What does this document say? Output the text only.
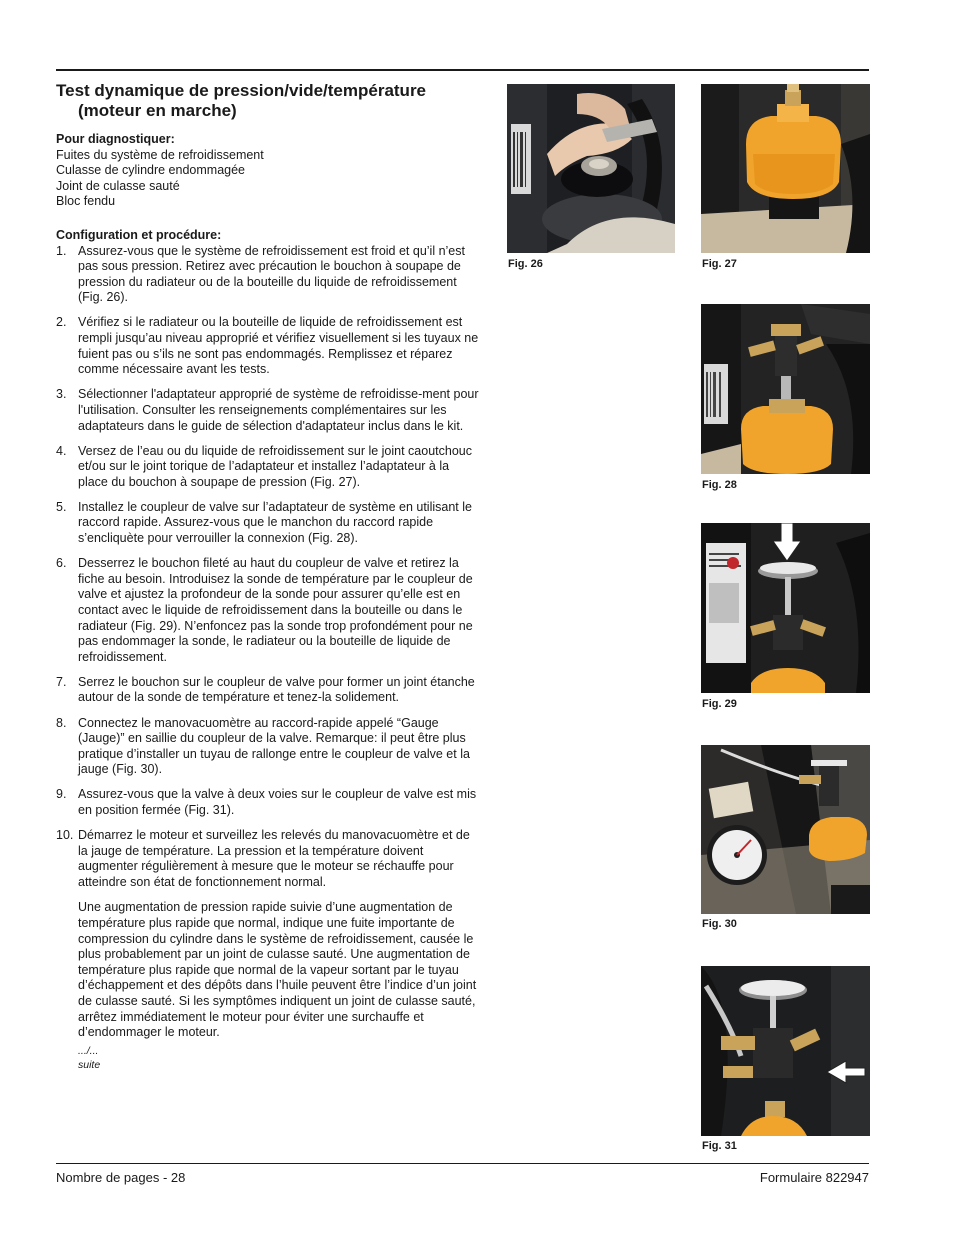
Test dynamique de pression/vide/température
(moteur en marche)

Pour diagnostiquer:

Fuites du système de refroidissement
Culasse de cylindre endommagée
Joint de culasse sauté
Bloc fendu

Configuration et procédure:

1. Assurez-vous que le système de refroidissement est froid et qu’il n’est pas sous pression. Retirez avec précaution le bouchon à soupape de pression du radiateur ou de la bouteille du liquide de refroidissement (Fig. 26).
2. Vérifiez si le radiateur ou la bouteille de liquide de refroidissement est rempli jusqu’au niveau approprié et vérifiez visuellement si les tuyaux ne fuient pas ou s’ils ne sont pas endommagés. Remplissez et réparez comme nécessaire avant les tests.
3. Sélectionner l'adaptateur approprié de système de refroidisse-ment pour l'utilisation. Consulter les renseignements complémentaires sur les adaptateurs dans le guide de sélection d'adaptateur inclus dans le kit.
4. Versez de l’eau ou du liquide de refroidissement sur le joint caoutchouc et/ou sur le joint torique de l’adaptateur et installez l’adaptateur à la place du bouchon à soupape de pression (Fig. 27).
5. Installez le coupleur de valve sur l’adaptateur de système en utilisant le raccord rapide. Assurez-vous que le manchon du raccord rapide s’encliquète pour verrouiller la connexion (Fig. 28).
6. Desserrez le bouchon fileté au haut du coupleur de valve et retirez la fiche au besoin. Introduisez la sonde de température par le coupleur de valve et ajustez la profondeur de la sonde pour assurer qu’elle est en contact avec le liquide de refroidissement dans la bouteille ou dans le radiateur (Fig. 29). N’enfoncez pas la sonde trop profondément pour ne pas endommager la sonde, le radiateur ou la bouteille de liquide de refroidissement.
7. Serrez le bouchon sur le coupleur de valve pour former un joint étanche autour de la sonde de température et tenez-la solidement.
8. Connectez le manovacuomètre au raccord-rapide appelé “Gauge (Jauge)” en saillie du coupleur de la valve. Remarque: il peut être plus pratique d’installer un tuyau de rallonge entre le coupleur de valve et la jauge (Fig. 30).
9. Assurez-vous que la valve à deux voies sur le coupleur de valve est mis en position fermée (Fig. 31).
10. Démarrez le moteur et surveillez les relevés du manovacuomètre et de la jauge de température. La pression et la température doivent augmenter régulièrement à mesure que le moteur se réchauffe pour atteindre son état de fonctionnement normal.
Une augmentation de pression rapide suivie d’une augmentation de température plus rapide que normal, indique une fuite importante de compression du cylindre dans le système de refroidissement, causée le plus probablement par un joint de culasse sauté. Une augmentation de température plus rapide que normal de la vapeur sortant par le tuyau d’échappement et des dépôts dans l’huile peuvent être l’indice d’un joint de culasse sauté. Si les symptômes indiquent un joint de culasse sauté, arrêtez immédiatement le moteur pour éviter une surchauffe et d’endommager le moteur.
.../...
suite
Fig. 26	Fig. 27
Fig. 28
Fig. 29
Fig. 30
Fig. 31
Nombre de pages - 28	Formulaire 822947
